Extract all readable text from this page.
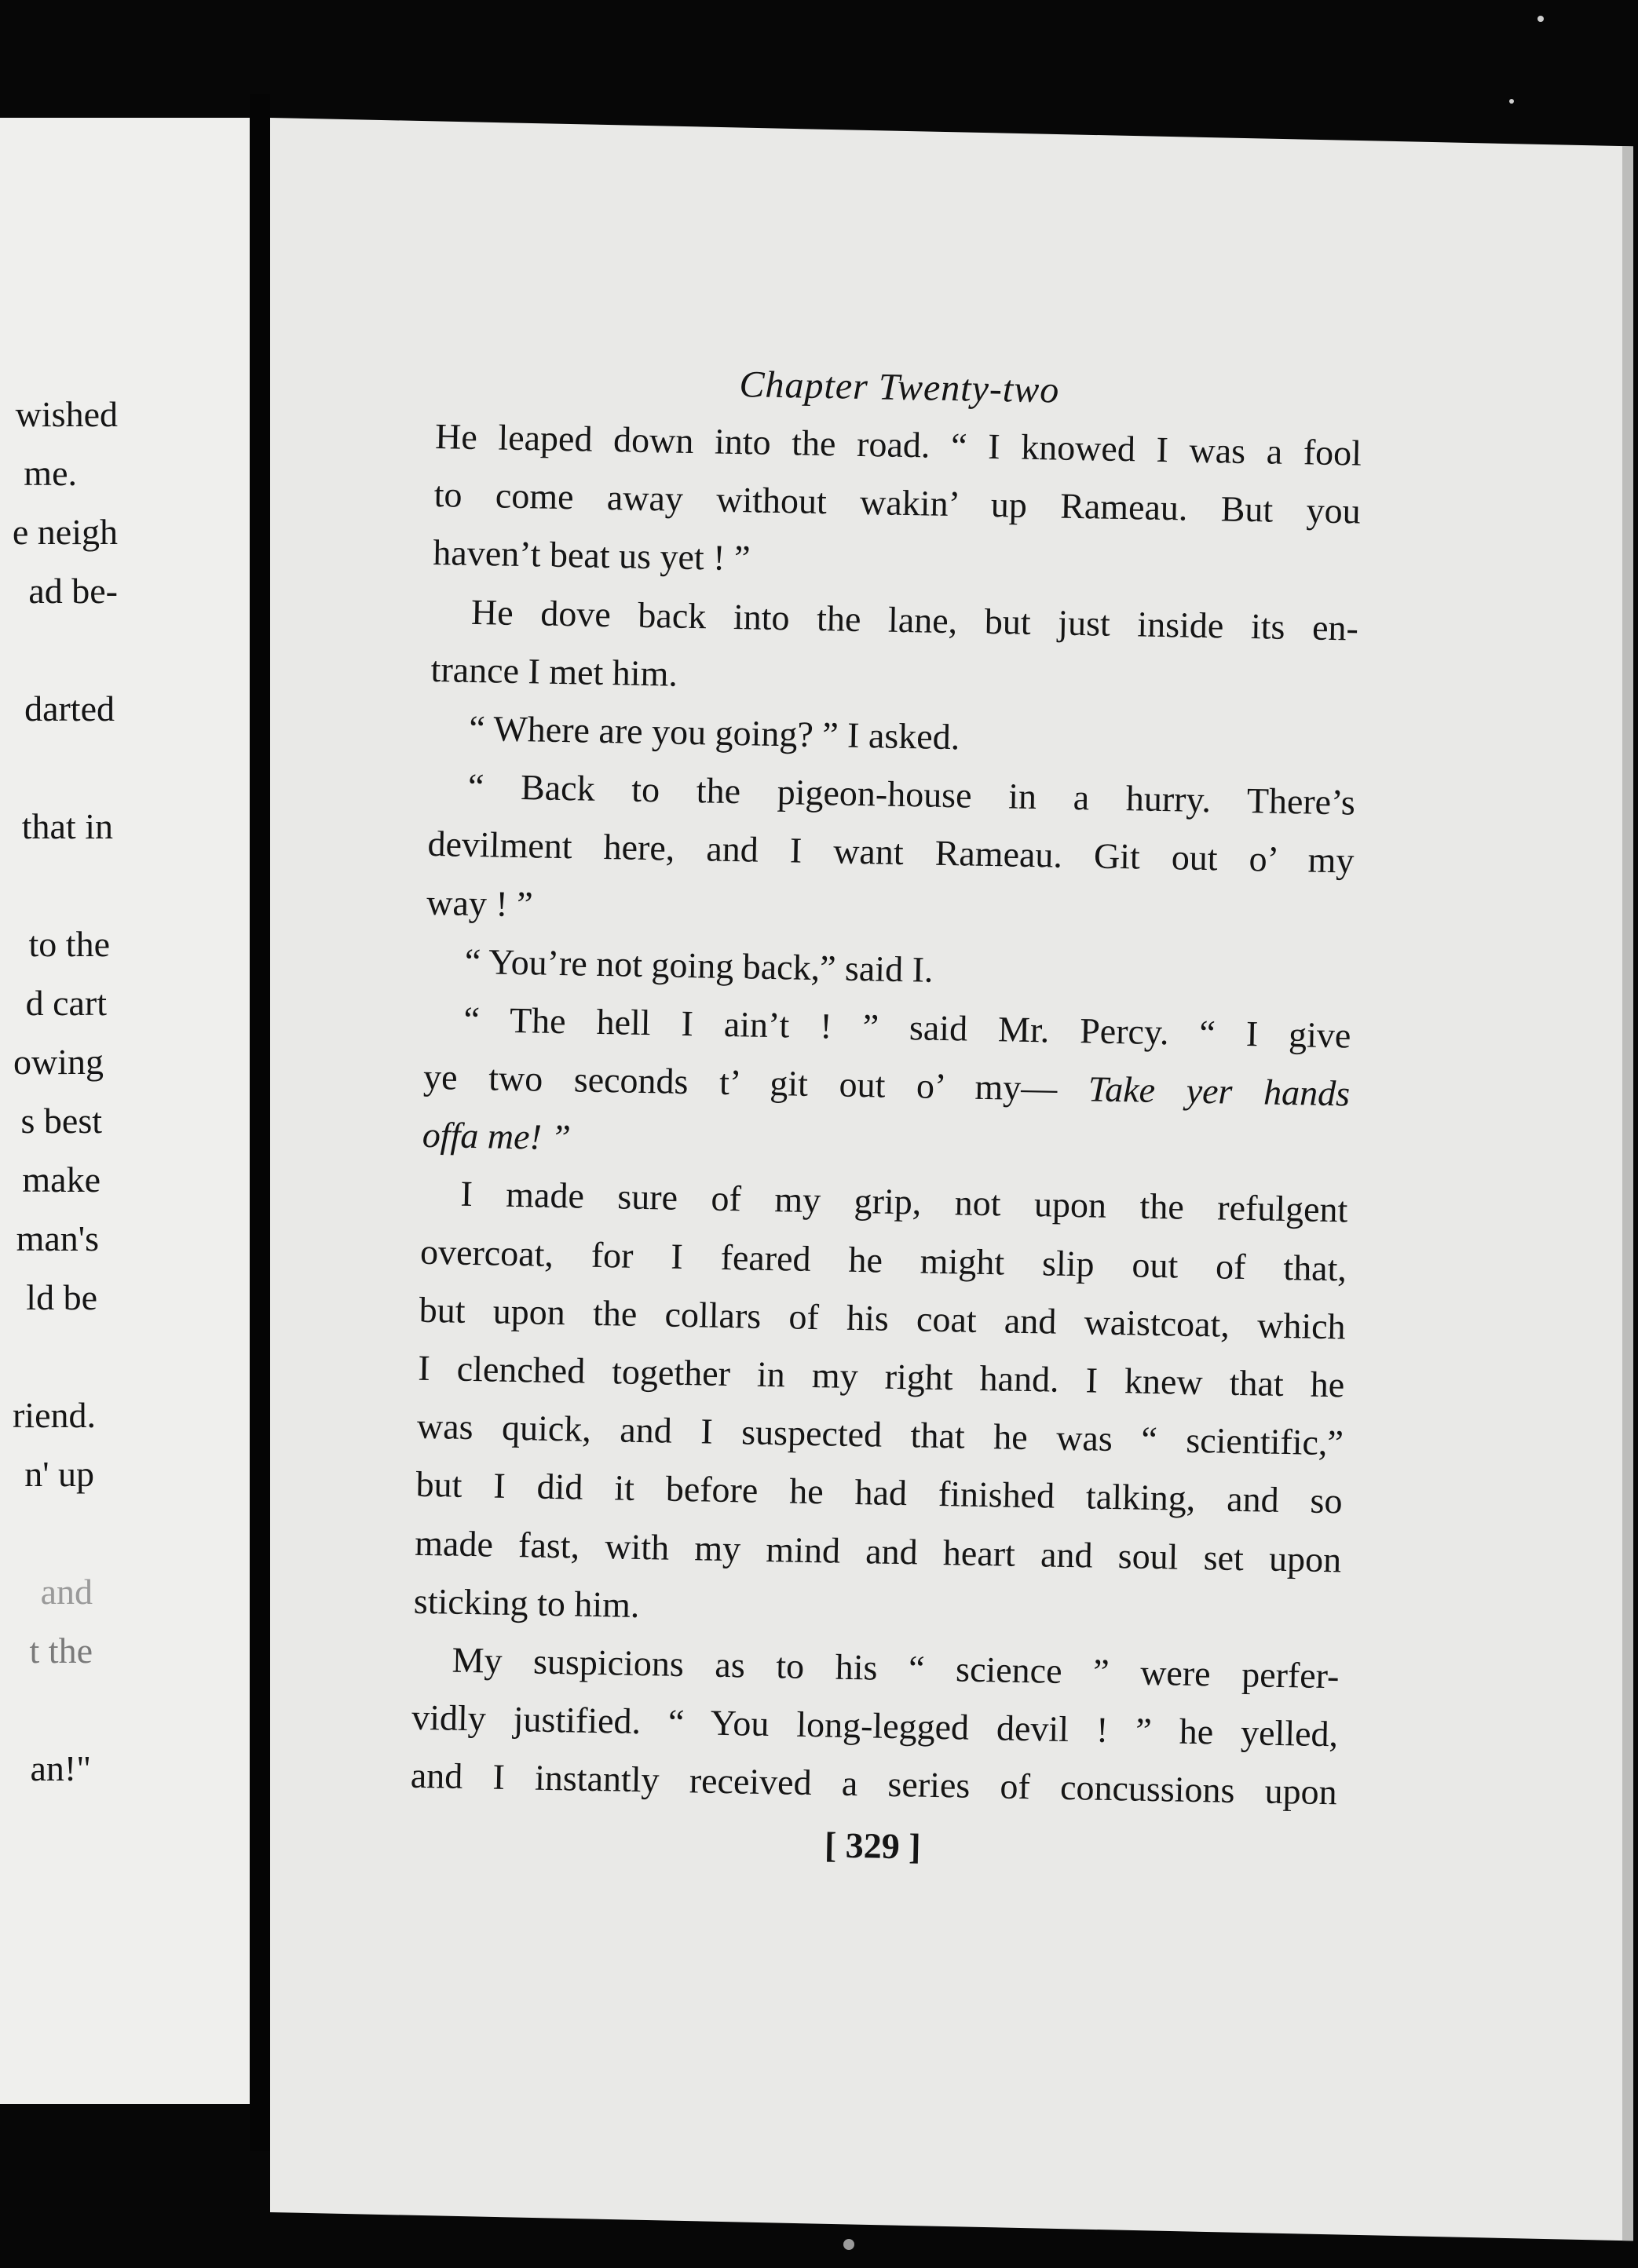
wished
me.
e neigh
ad be-
darted
that in
to the
d cart
owing
s best
make
man's
ld be
riend.
n' up
and
t the
an!"
Chapter Twenty-two
He leaped down into the road. “ I knowed I was a fool
to come away without wakin’ up Rameau. But you
haven’t beat us yet ! ”
He dove back into the lane, but just inside its en-
trance I met him.
“ Where are you going? ” I asked.
“ Back to the pigeon-house in a hurry. There’s
devilment here, and I want Rameau. Git out o’ my
way ! ”
“ You’re not going back,” said I.
“ The hell I ain’t ! ” said Mr. Percy. “ I give
ye two seconds t’ git out o’ my— Take yer hands
offa me! ”
I made sure of my grip, not upon the refulgent
overcoat, for I feared he might slip out of that,
but upon the collars of his coat and waistcoat, which
I clenched together in my right hand. I knew that he
was quick, and I suspected that he was “ scientific,”
but I did it before he had finished talking, and so
made fast, with my mind and heart and soul set upon
sticking to him.
My suspicions as to his “ science ” were perfer-
vidly justified. “ You long-legged devil ! ” he yelled,
and I instantly received a series of concussions upon
[ 329 ]
